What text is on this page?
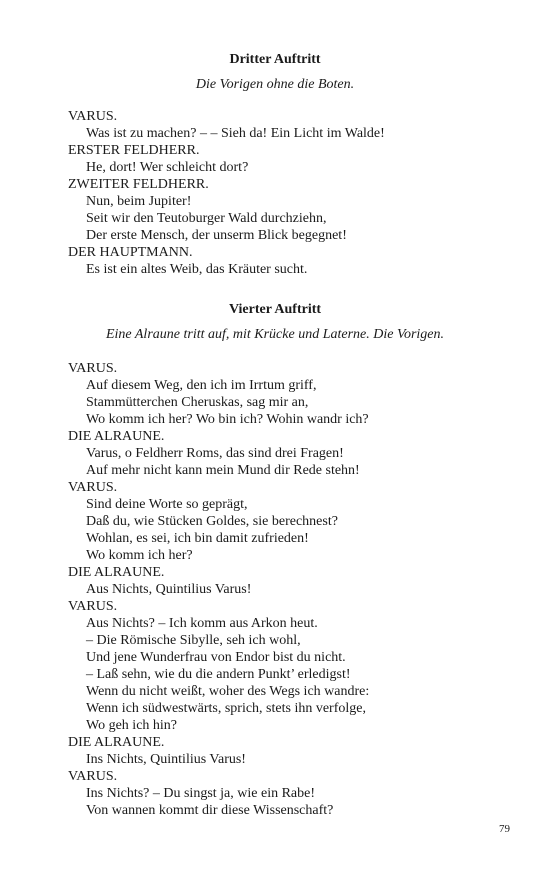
Dritter Auftritt

Die Vorigen ohne die Boten.

VARUS.
Was ist zu machen? – – Sieh da! Ein Licht im Walde!
ERSTER FELDHERR.
He, dort! Wer schleicht dort?
ZWEITER FELDHERR.
Nun, beim Jupiter!
Seit wir den Teutoburger Wald durchziehn,
Der erste Mensch, der unserm Blick begegnet!
DER HAUPTMANN.
Es ist ein altes Weib, das Kräuter sucht.
Vierter Auftritt

Eine Alraune tritt auf, mit Krücke und Laterne. Die Vorigen.

VARUS.
Auf diesem Weg, den ich im Irrtum griff,
Stammütterchen Cheruskas, sag mir an,
Wo komm ich her? Wo bin ich? Wohin wandr ich?
DIE ALRAUNE.
Varus, o Feldherr Roms, das sind drei Fragen!
Auf mehr nicht kann mein Mund dir Rede stehn!
VARUS.
Sind deine Worte so geprägt,
Daß du, wie Stücken Goldes, sie berechnest?
Wohlan, es sei, ich bin damit zufrieden!
Wo komm ich her?
DIE ALRAUNE.
Aus Nichts, Quintilius Varus!
VARUS.
Aus Nichts? – Ich komm aus Arkon heut.
– Die Römische Sibylle, seh ich wohl,
Und jene Wunderfrau von Endor bist du nicht.
– Laß sehn, wie du die andern Punkt’ erledigst!
Wenn du nicht weißt, woher des Wegs ich wandre:
Wenn ich südwestwärts, sprich, stets ihn verfolge,
Wo geh ich hin?
DIE ALRAUNE.
Ins Nichts, Quintilius Varus!
VARUS.
Ins Nichts? – Du singst ja, wie ein Rabe!
Von wannen kommt dir diese Wissenschaft?
79
